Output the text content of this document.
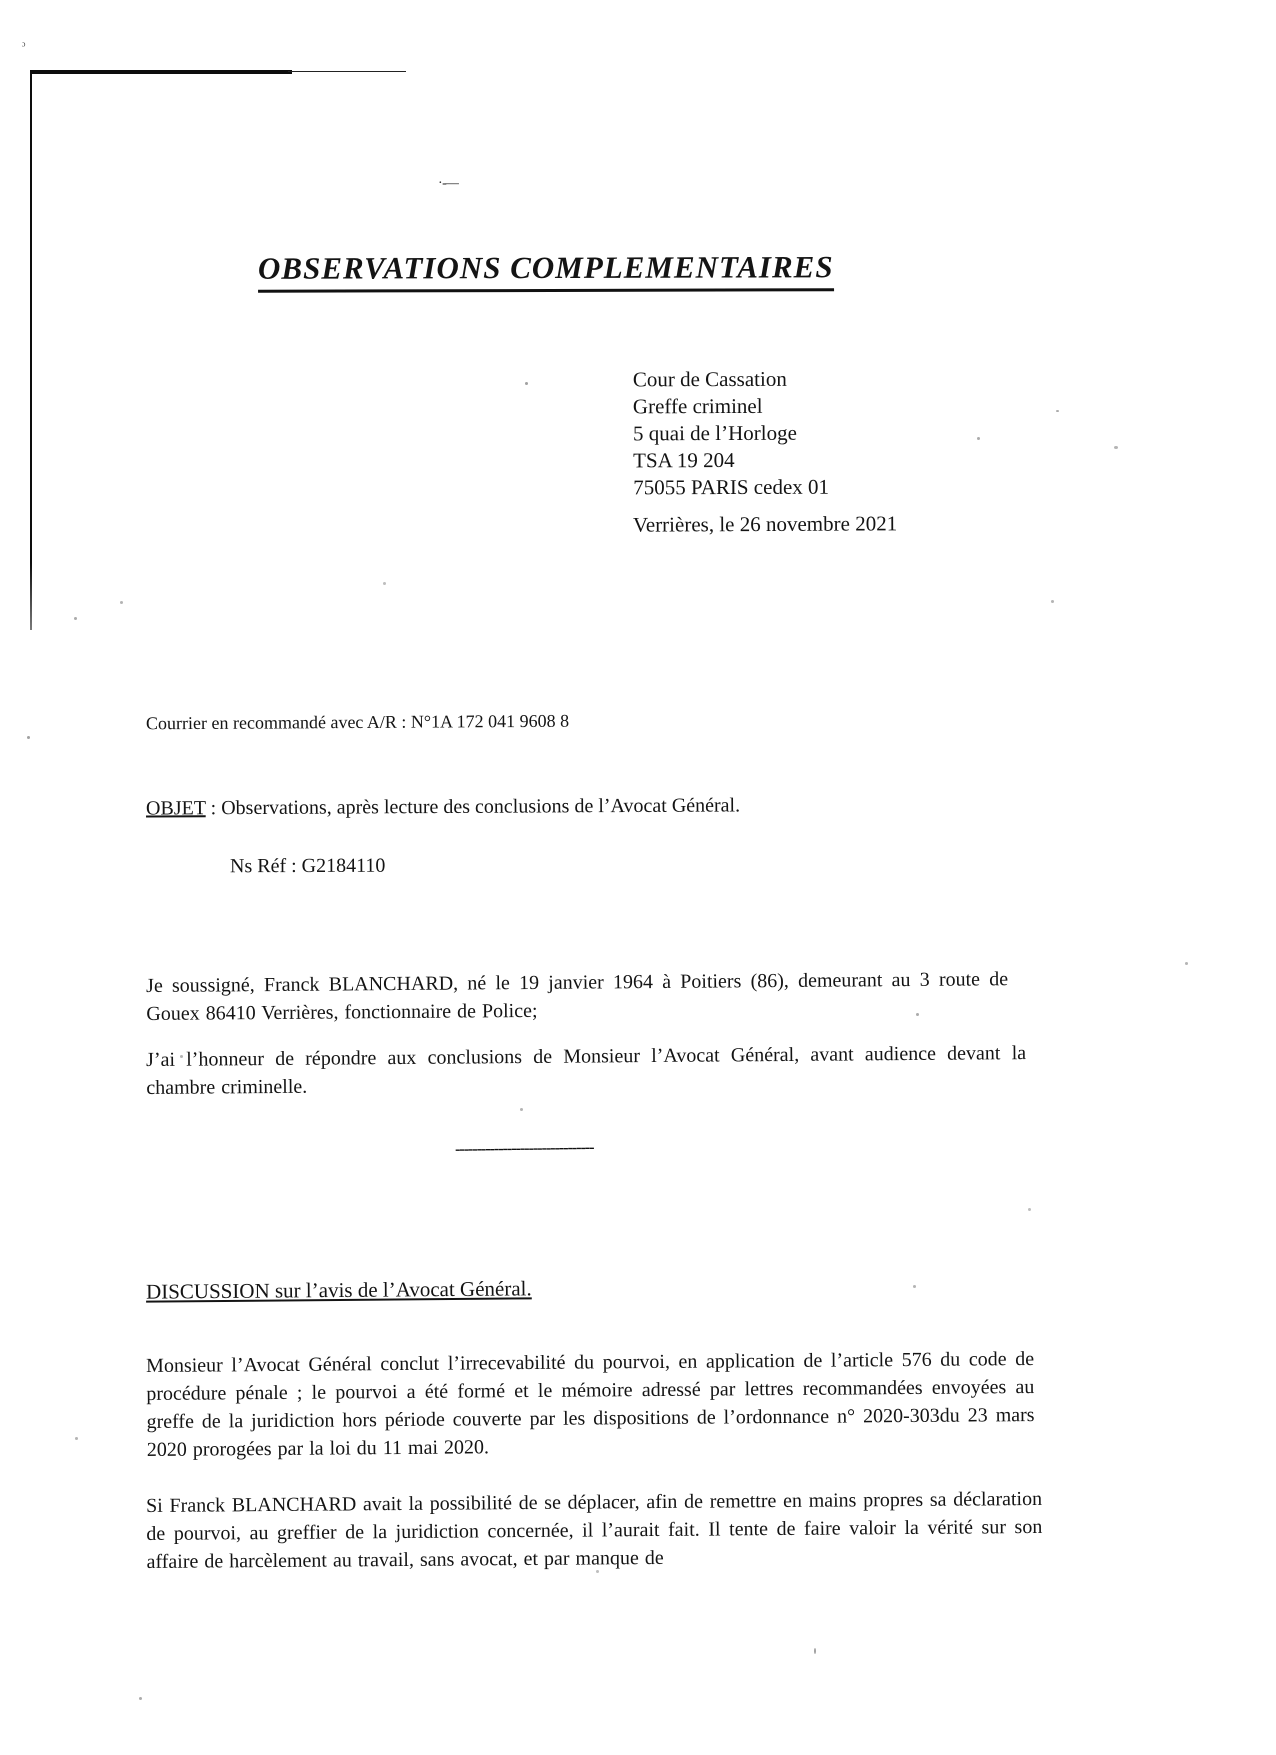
ᵓ
· -—
OBSERVATIONS COMPLEMENTAIRES
Cour de Cassation
Greffe criminel
5 quai de l’Horloge
TSA 19 204
75055 PARIS cedex 01
Verrières, le 26 novembre 2021
Courrier en recommandé avec A/R : N°1A 172 041 9608 8
OBJET : Observations, après lecture des conclusions de l’Avocat Général.
Ns Réf : G2184110
Je soussigné, Franck BLANCHARD, né le 19 janvier 1964 à Poitiers (86), demeurant au 3 route de Gouex 86410 Verrières, fonctionnaire de Police;
J’ai l’honneur de répondre aux conclusions de Monsieur l’Avocat Général, avant audience devant la chambre criminelle.
--------------------------------
DISCUSSION sur l’avis de l’Avocat Général.
Monsieur l’Avocat Général conclut l’irrecevabilité du pourvoi, en application de l’article 576 du code de procédure pénale ; le pourvoi a été formé et le mémoire adressé par lettres recommandées envoyées au greffe de la juridiction hors période couverte par les dispositions de l’ordonnance n° 2020-303du 23 mars 2020 prorogées par la loi du 11 mai 2020.
Si Franck BLANCHARD avait la possibilité de se déplacer, afin de remettre en mains propres sa déclaration de pourvoi, au greffier de la juridiction concernée, il l’aurait fait. Il tente de faire valoir la vérité sur son affaire de harcèlement au travail, sans avocat, et par manque de
